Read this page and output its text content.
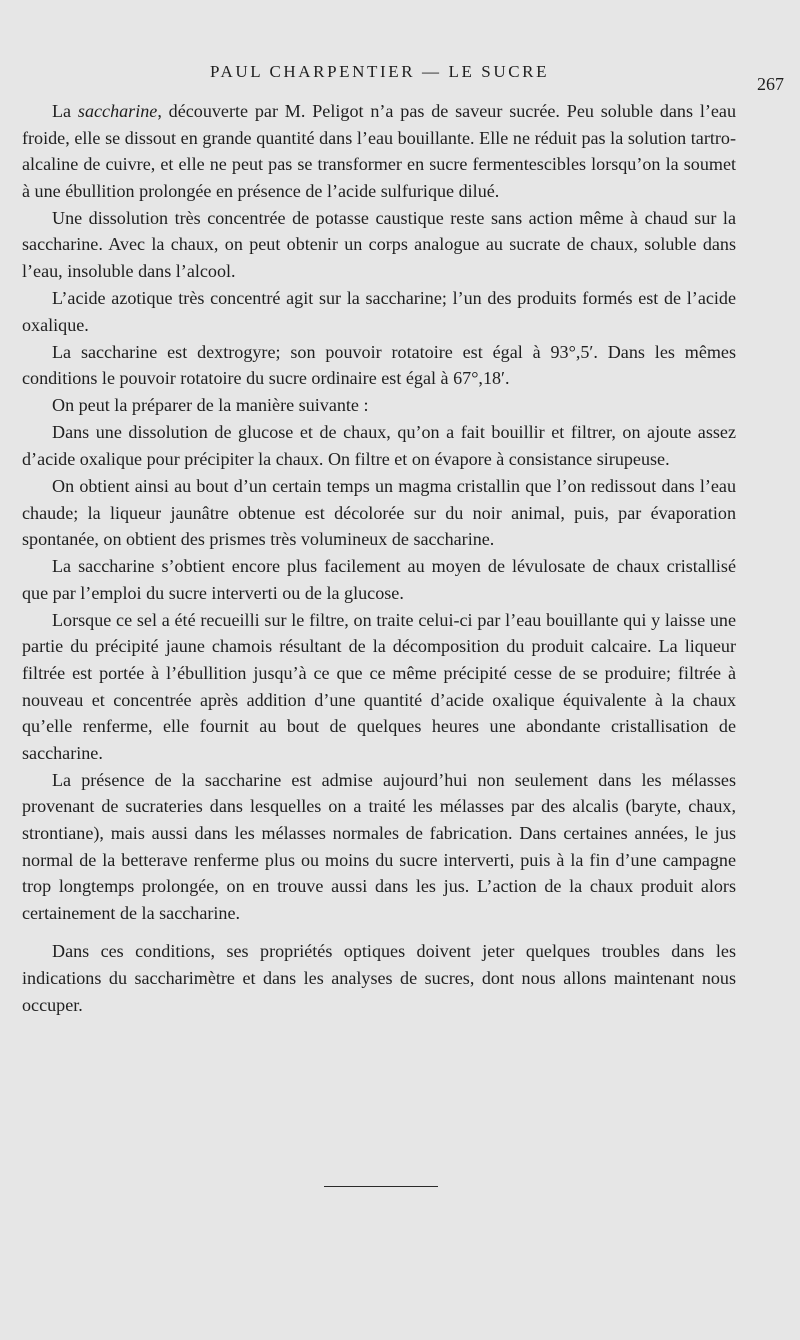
PAUL CHARPENTIER — LE SUCRE
267

La saccharine, découverte par M. Peligot n’a pas de saveur sucrée. Peu soluble dans l’eau froide, elle se dissout en grande quantité dans l’eau bouillante. Elle ne réduit pas la solution tartro-alcaline de cuivre, et elle ne peut pas se transformer en sucre fermentescibles lorsqu’on la soumet à une ébullition prolongée en présence de l’acide sulfurique dilué.

Une dissolution très concentrée de potasse caustique reste sans action même à chaud sur la saccharine. Avec la chaux, on peut obtenir un corps analogue au sucrate de chaux, soluble dans l’eau, insoluble dans l’alcool.

L’acide azotique très concentré agit sur la saccharine; l’un des produits formés est de l’acide oxalique.

La saccharine est dextrogyre; son pouvoir rotatoire est égal à 93°,5′. Dans les mêmes conditions le pouvoir rotatoire du sucre ordinaire est égal à 67°,18′.

On peut la préparer de la manière suivante :

Dans une dissolution de glucose et de chaux, qu’on a fait bouillir et filtrer, on ajoute assez d’acide oxalique pour précipiter la chaux. On filtre et on évapore à consistance sirupeuse.

On obtient ainsi au bout d’un certain temps un magma cristallin que l’on redissout dans l’eau chaude; la liqueur jaunâtre obtenue est décolorée sur du noir animal, puis, par évaporation spontanée, on obtient des prismes très volumineux de saccharine.

La saccharine s’obtient encore plus facilement au moyen de lévulosate de chaux cristallisé que par l’emploi du sucre interverti ou de la glucose.

Lorsque ce sel a été recueilli sur le filtre, on traite celui-ci par l’eau bouillante qui y laisse une partie du précipité jaune chamois résultant de la décomposition du produit calcaire. La liqueur filtrée est portée à l’ébullition jusqu’à ce que ce même précipité cesse de se produire; filtrée à nouveau et concentrée après addition d’une quantité d’acide oxalique équivalente à la chaux qu’elle renferme, elle fournit au bout de quelques heures une abondante cristallisation de saccharine.

La présence de la saccharine est admise aujourd’hui non seulement dans les mélasses provenant de sucrateries dans lesquelles on a traité les mélasses par des alcalis (baryte, chaux, strontiane), mais aussi dans les mélasses normales de fabrication. Dans certaines années, le jus normal de la betterave renferme plus ou moins du sucre interverti, puis à la fin d’une campagne trop longtemps prolongée, on en trouve aussi dans les jus. L’action de la chaux produit alors certainement de la saccharine.

Dans ces conditions, ses propriétés optiques doivent jeter quelques troubles dans les indications du saccharimètre et dans les analyses de sucres, dont nous allons maintenant nous occuper.
